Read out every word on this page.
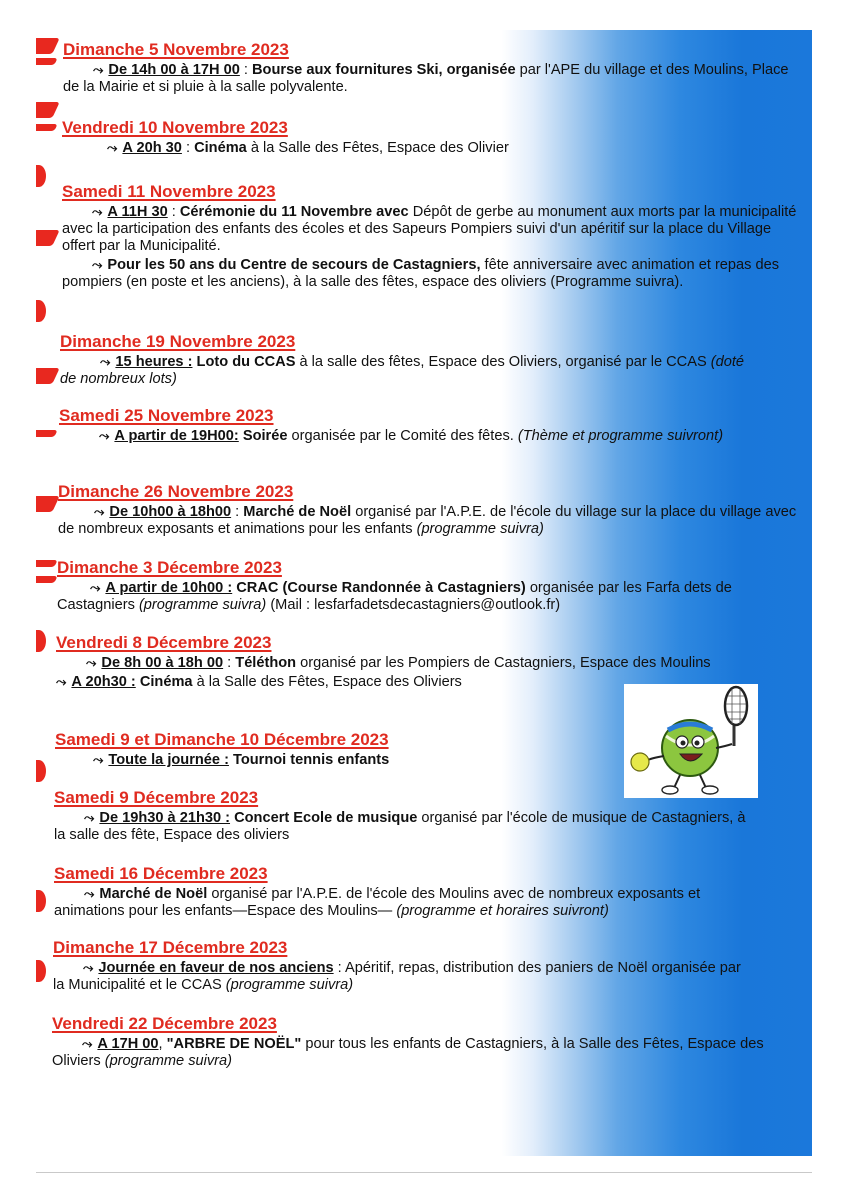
Dimanche 5 Novembre 2023
⤳ De 14h 00 à 17H 00 : Bourse aux fournitures Ski, organisée par l'APE du village et des Moulins, Place de la Mairie et si pluie à la salle polyvalente.
Vendredi 10 Novembre 2023
⤳ A 20h 30 : Cinéma à la Salle des Fêtes, Espace des Olivier
Samedi 11 Novembre 2023
⤳ A 11H 30 : Cérémonie du 11 Novembre avec Dépôt de gerbe au monument aux morts par la municipalité avec la participation des enfants des écoles et des Sapeurs Pompiers suivi d'un apéritif sur la place du Village offert par la Municipalité.
⤳ Pour les 50 ans du Centre de secours de Castagniers, fête anniversaire avec animation et repas des pompiers (en poste et les anciens), à la salle des fêtes, espace des oliviers (Programme suivra).
Dimanche 19 Novembre 2023
⤳ 15 heures : Loto du CCAS à la salle des fêtes, Espace des Oliviers, organisé par le CCAS (doté de nombreux lots)
Samedi 25 Novembre 2023
⤳ A partir de 19H00: Soirée organisée par le Comité des fêtes. (Thème et programme suivront)
Dimanche 26 Novembre 2023
⤳ De 10h00 à 18h00 : Marché de Noël organisé par l'A.P.E. de l'école du village sur la place du village avec de nombreux exposants et animations pour les enfants (programme suivra)
Dimanche 3 Décembre 2023
⤳ A partir de 10h00 : CRAC (Course Randonnée à Castagniers) organisée par les Farfa dets de Castagniers (programme suivra) (Mail : lesfarfadetsdecastagniers@outlook.fr)
Vendredi 8 Décembre 2023
⤳ De 8h 00 à 18h 00 : Téléthon organisé par les Pompiers de Castagniers, Espace des Moulins
⤳ A 20h30 : Cinéma à la Salle des Fêtes, Espace des Oliviers
Samedi 9 et Dimanche 10 Décembre 2023
⤳ Toute la journée : Tournoi tennis enfants
Samedi 9 Décembre 2023
⤳ De 19h30 à 21h30 : Concert Ecole de musique organisé par l'école de musique de Castagniers, à la salle des fête, Espace des oliviers
Samedi 16 Décembre 2023
⤳ Marché de Noël organisé par l'A.P.E. de l'école des Moulins avec de nombreux exposants et animations pour les enfants—Espace des Moulins— (programme et horaires suivront)
Dimanche 17 Décembre 2023
⤳ Journée en faveur de nos anciens : Apéritif, repas, distribution des paniers de Noël organisée par la Municipalité et le CCAS (programme suivra)
Vendredi 22 Décembre 2023
⤳ A 17H 00, "ARBRE DE NOËL" pour tous les enfants de Castagniers, à la Salle des Fêtes, Espace des Oliviers (programme suivra)
